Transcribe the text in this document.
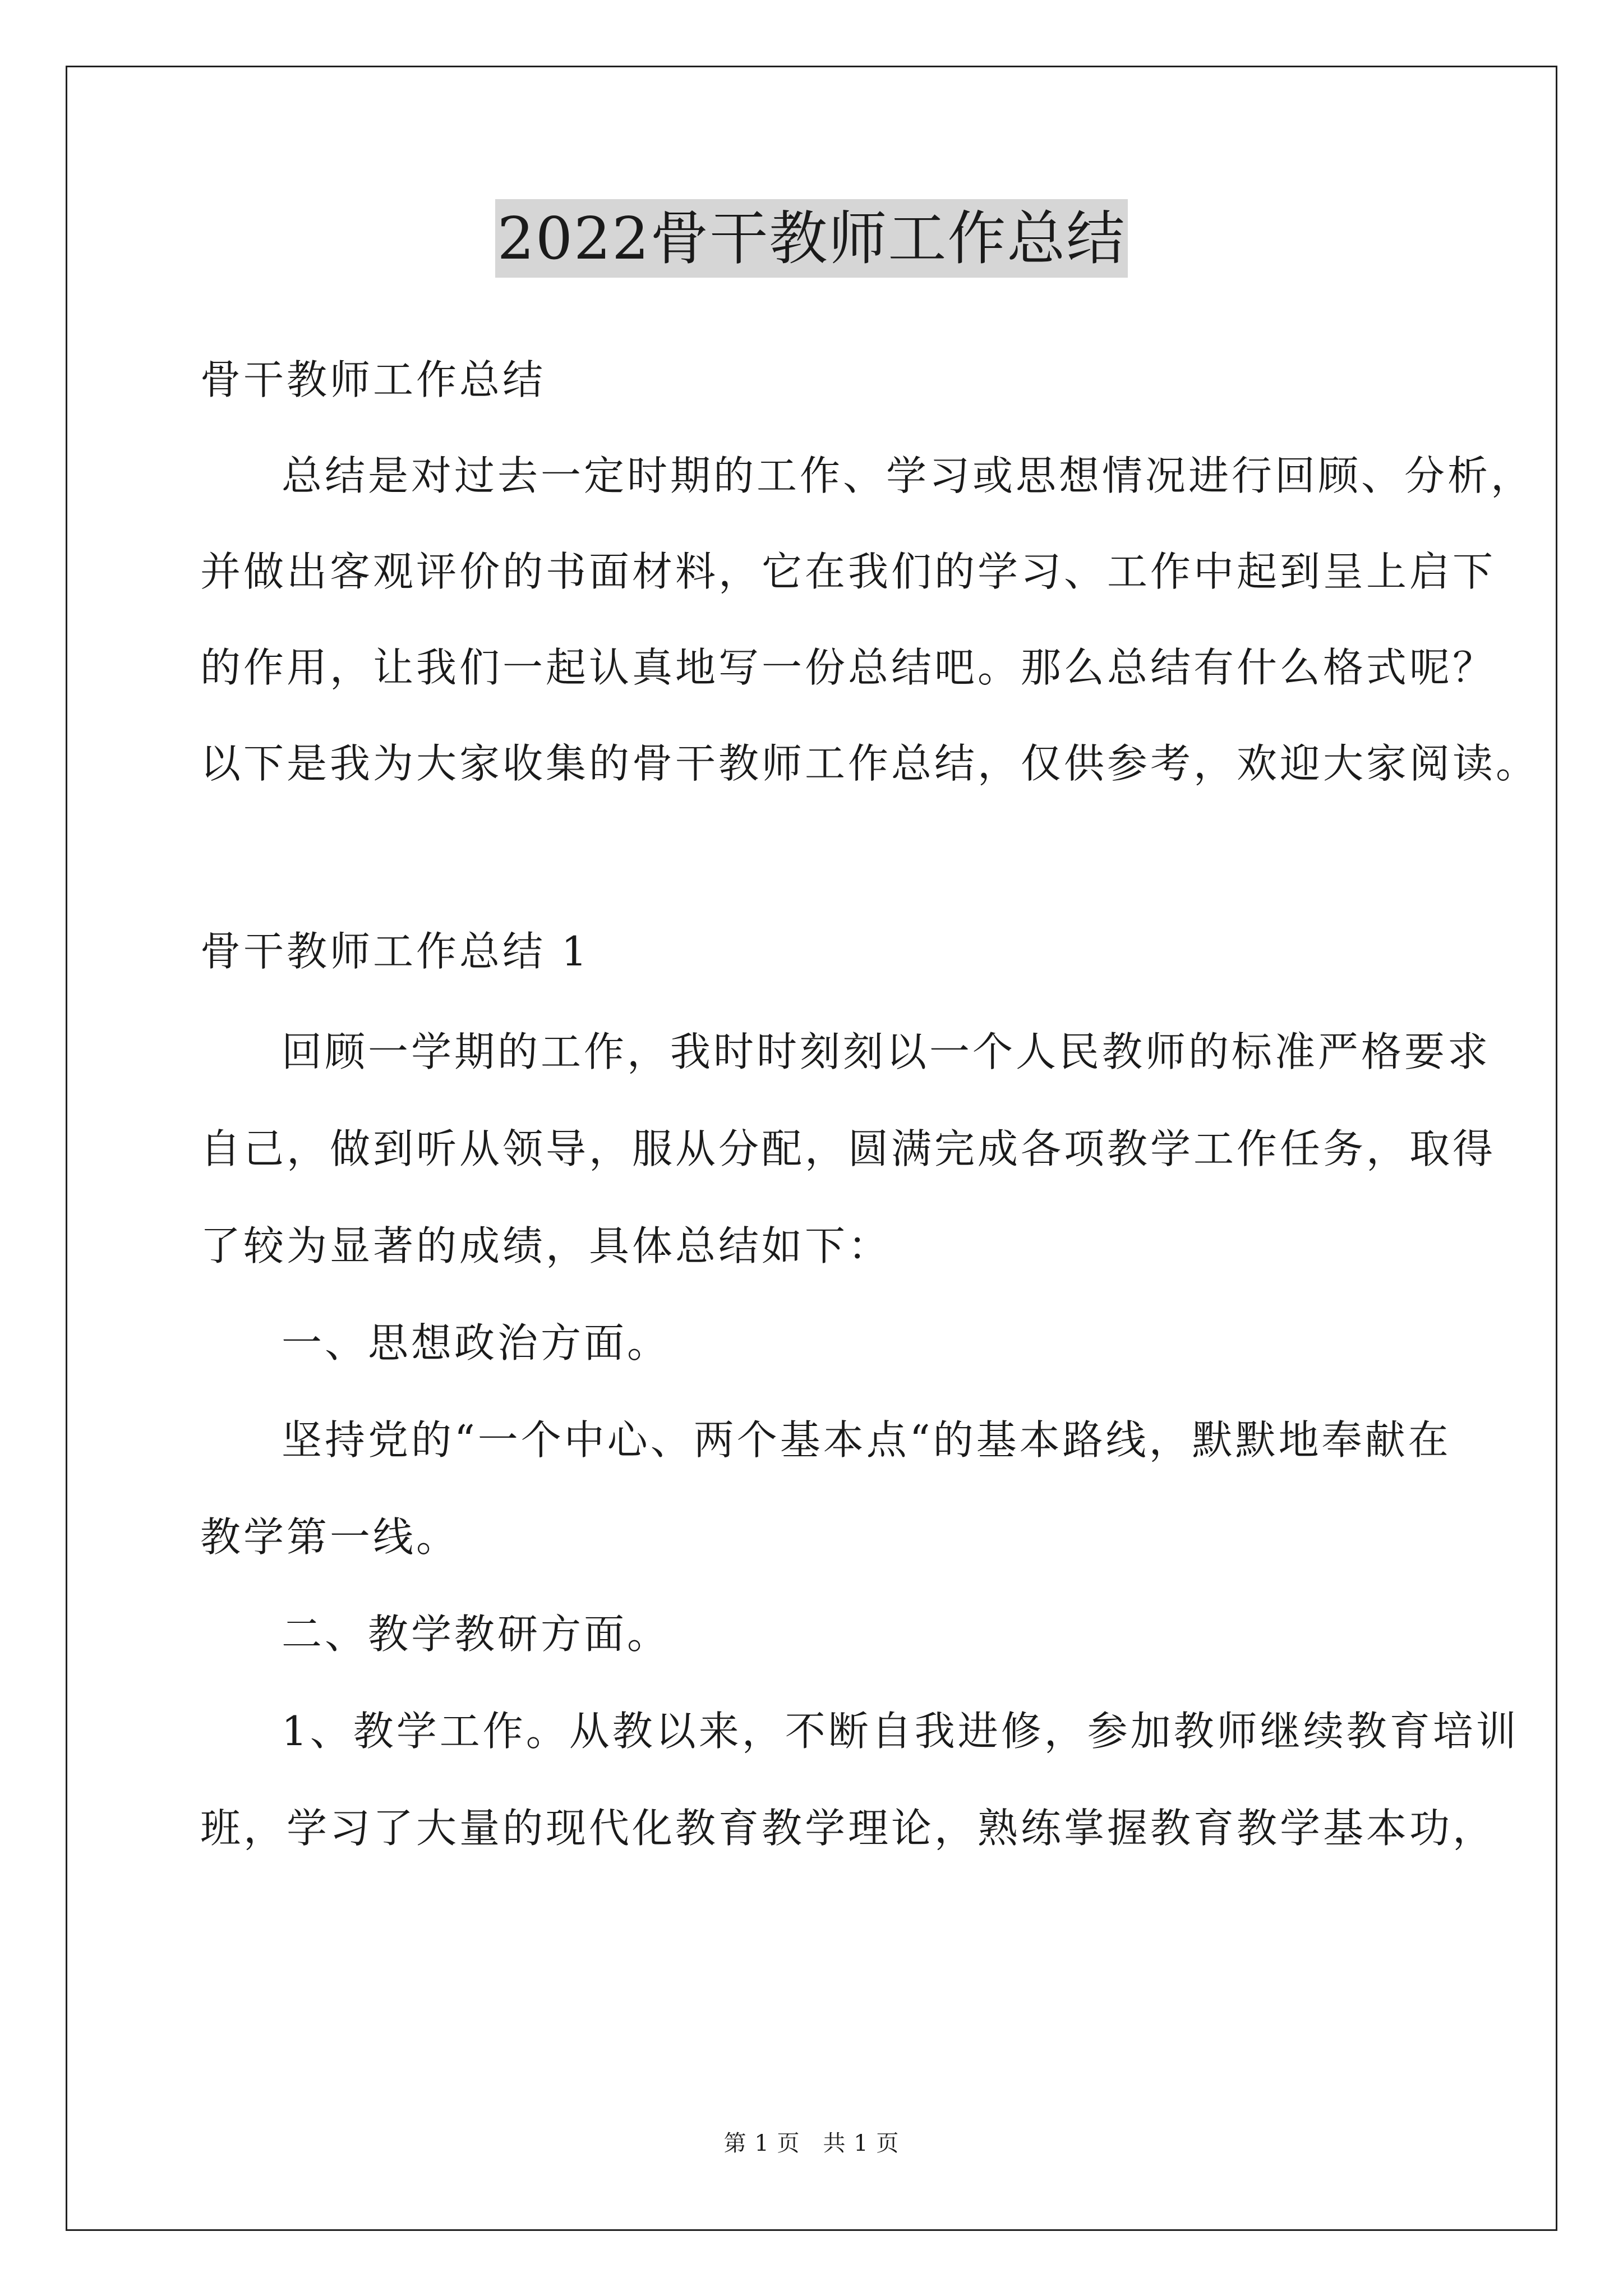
2022骨干教师工作总结
骨干教师工作总结
总结是对过去一定时期的工作、学习或思想情况进行回顾、分析，
并做出客观评价的书面材料，它在我们的学习、工作中起到呈上启下
的作用，让我们一起认真地写一份总结吧。那么总结有什么格式呢？
以下是我为大家收集的骨干教师工作总结，仅供参考，欢迎大家阅读。
骨干教师工作总结 1
回顾一学期的工作，我时时刻刻以一个人民教师的标准严格要求
自己，做到听从领导，服从分配，圆满完成各项教学工作任务，取得
了较为显著的成绩，具体总结如下：
一、思想政治方面。
坚持党的“一个中心、两个基本点“的基本路线，默默地奉献在
教学第一线。
二、教学教研方面。
1、教学工作。从教以来，不断自我进修，参加教师继续教育培训
班，学习了大量的现代化教育教学理论，熟练掌握教育教学基本功，
第 1 页　共 1 页
